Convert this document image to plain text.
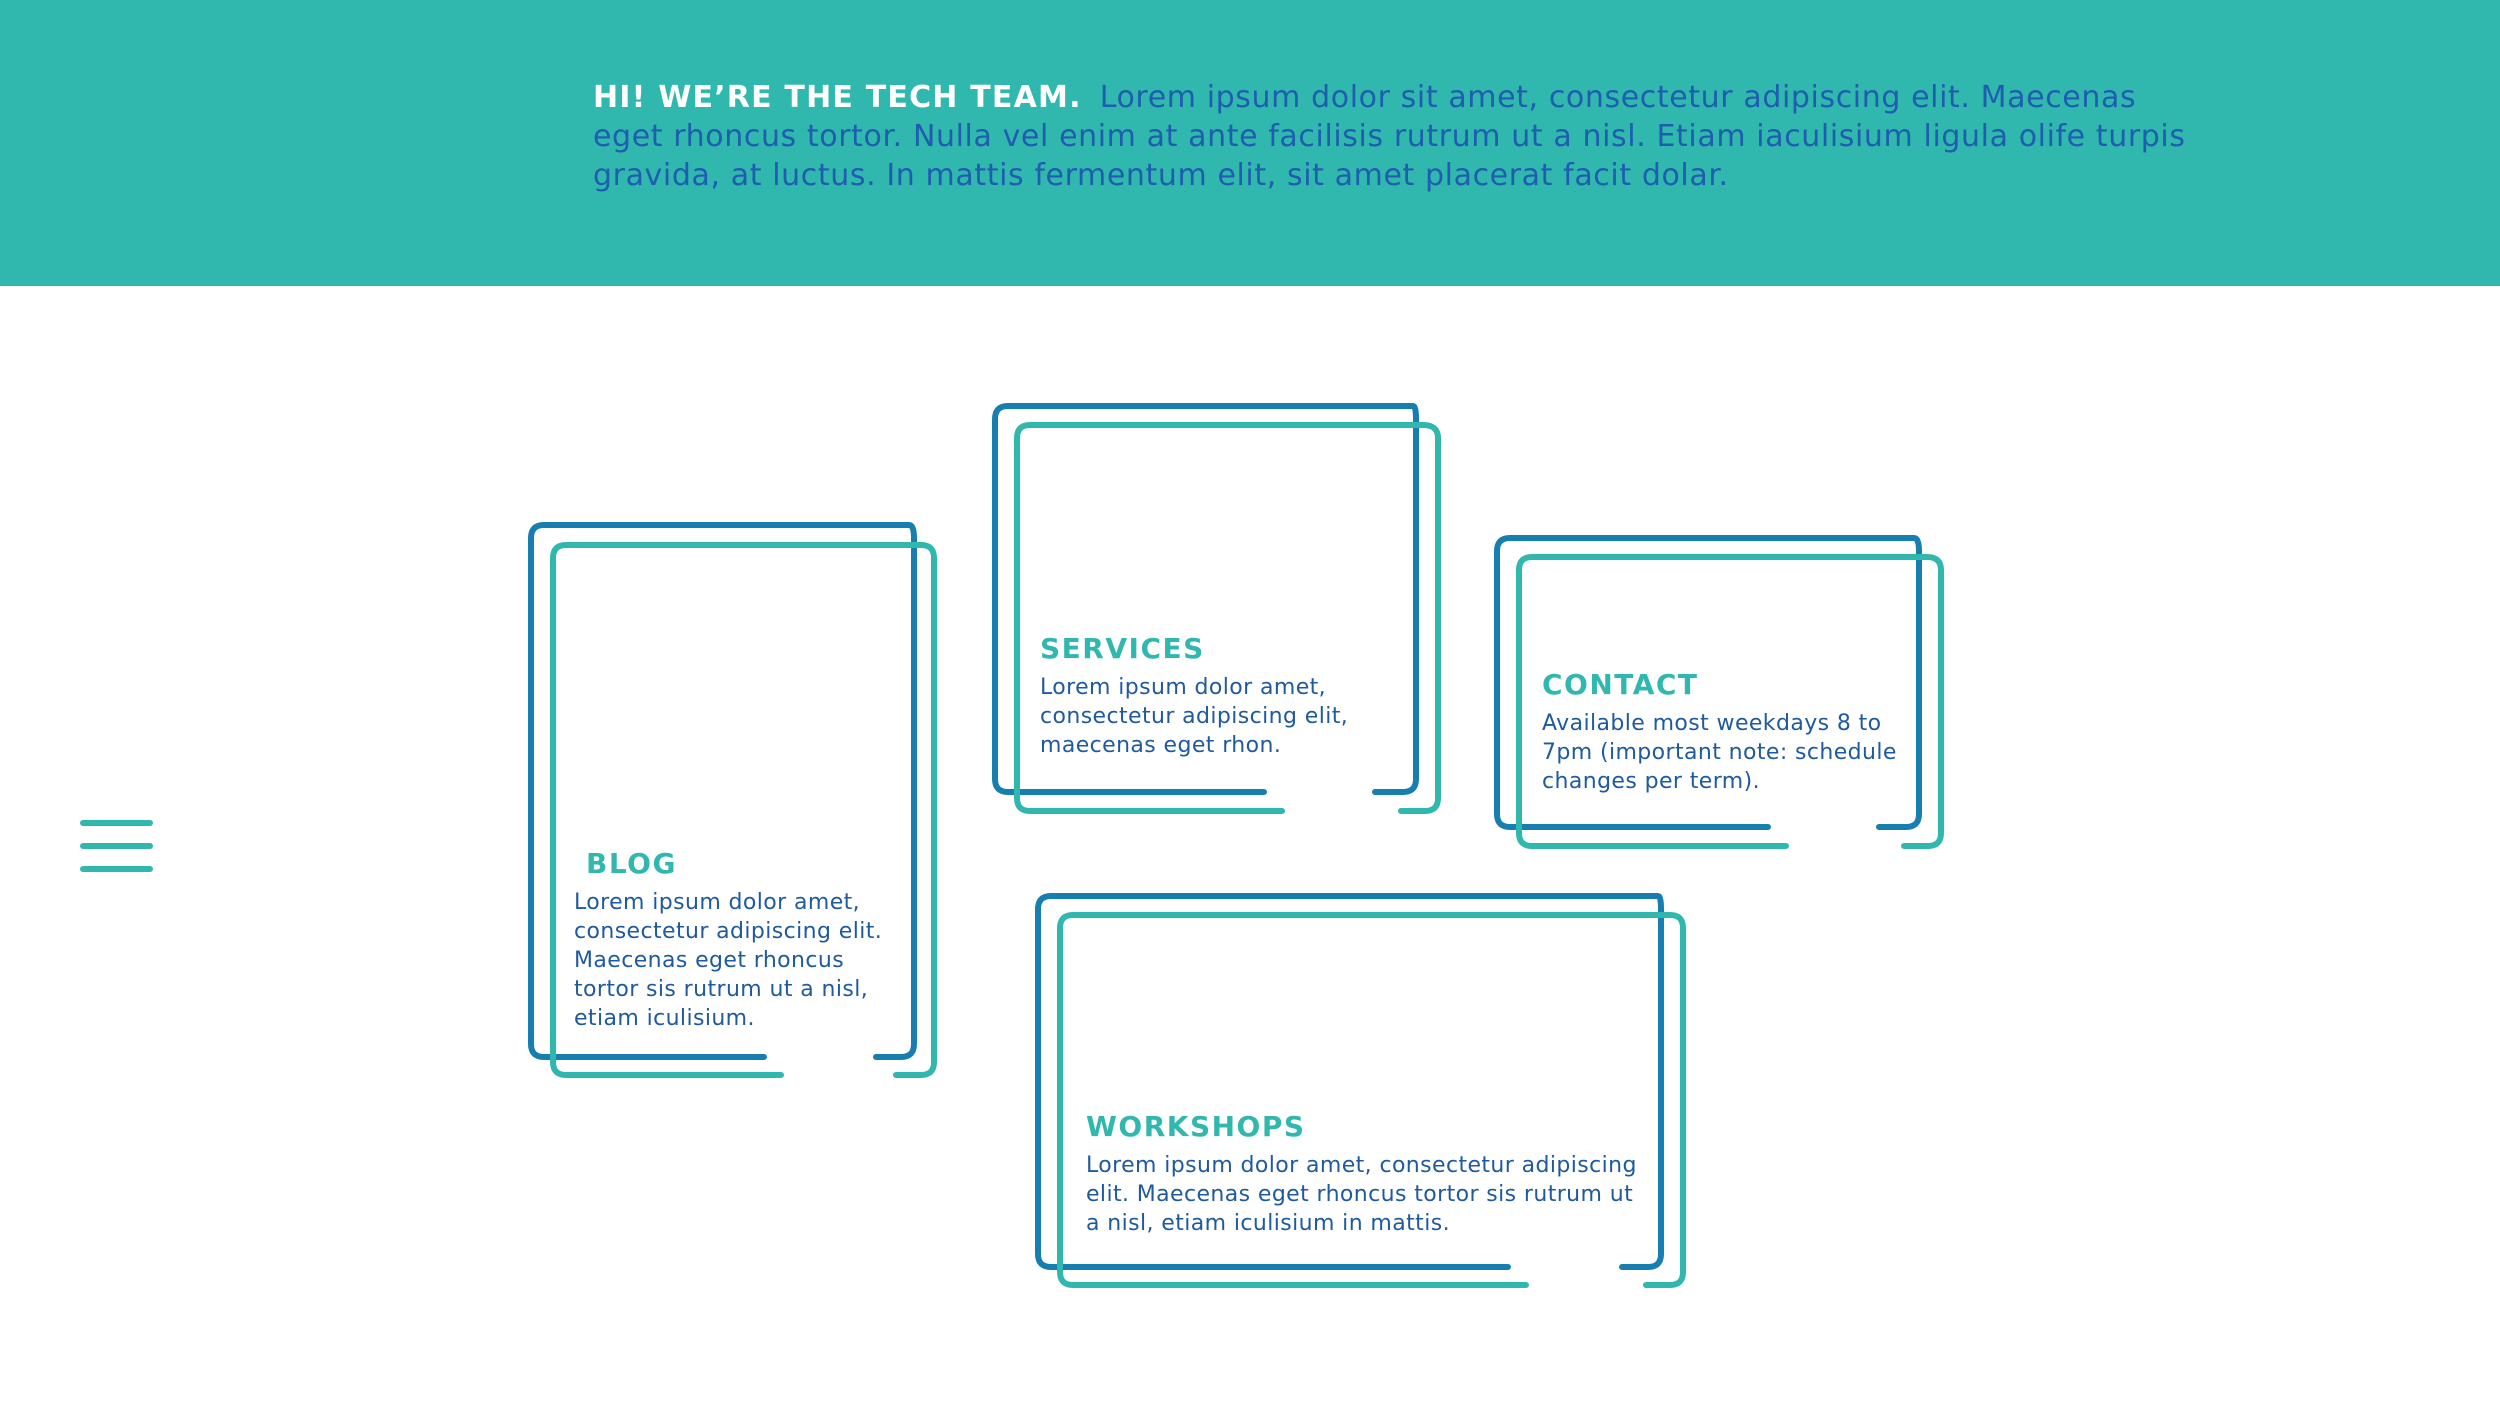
HI! WE’RE THE TECH TEAM. Lorem ipsum dolor sit amet, consectetur adipiscing elit. Maecenas eget rhoncus tortor. Nulla vel enim at ante facilisis rutrum ut a nisl. Etiam iaculisium ligula olife turpis gravida, at luctus. In mattis fermentum elit, sit amet placerat facit dolar.

BLOG

Lorem ipsum dolor amet, consectetur adipiscing elit. Maecenas eget rhoncus tortor sis rutrum ut a nisl, etiam iculisium.

SERVICES

Lorem ipsum dolor amet, consectetur adipiscing elit, maecenas eget rhon.

CONTACT

Available most weekdays 8 to 7pm (important note: schedule changes per term).

WORKSHOPS

Lorem ipsum dolor amet, consectetur adipiscing elit. Maecenas eget rhoncus tortor sis rutrum ut a nisl, etiam iculisium in mattis.
